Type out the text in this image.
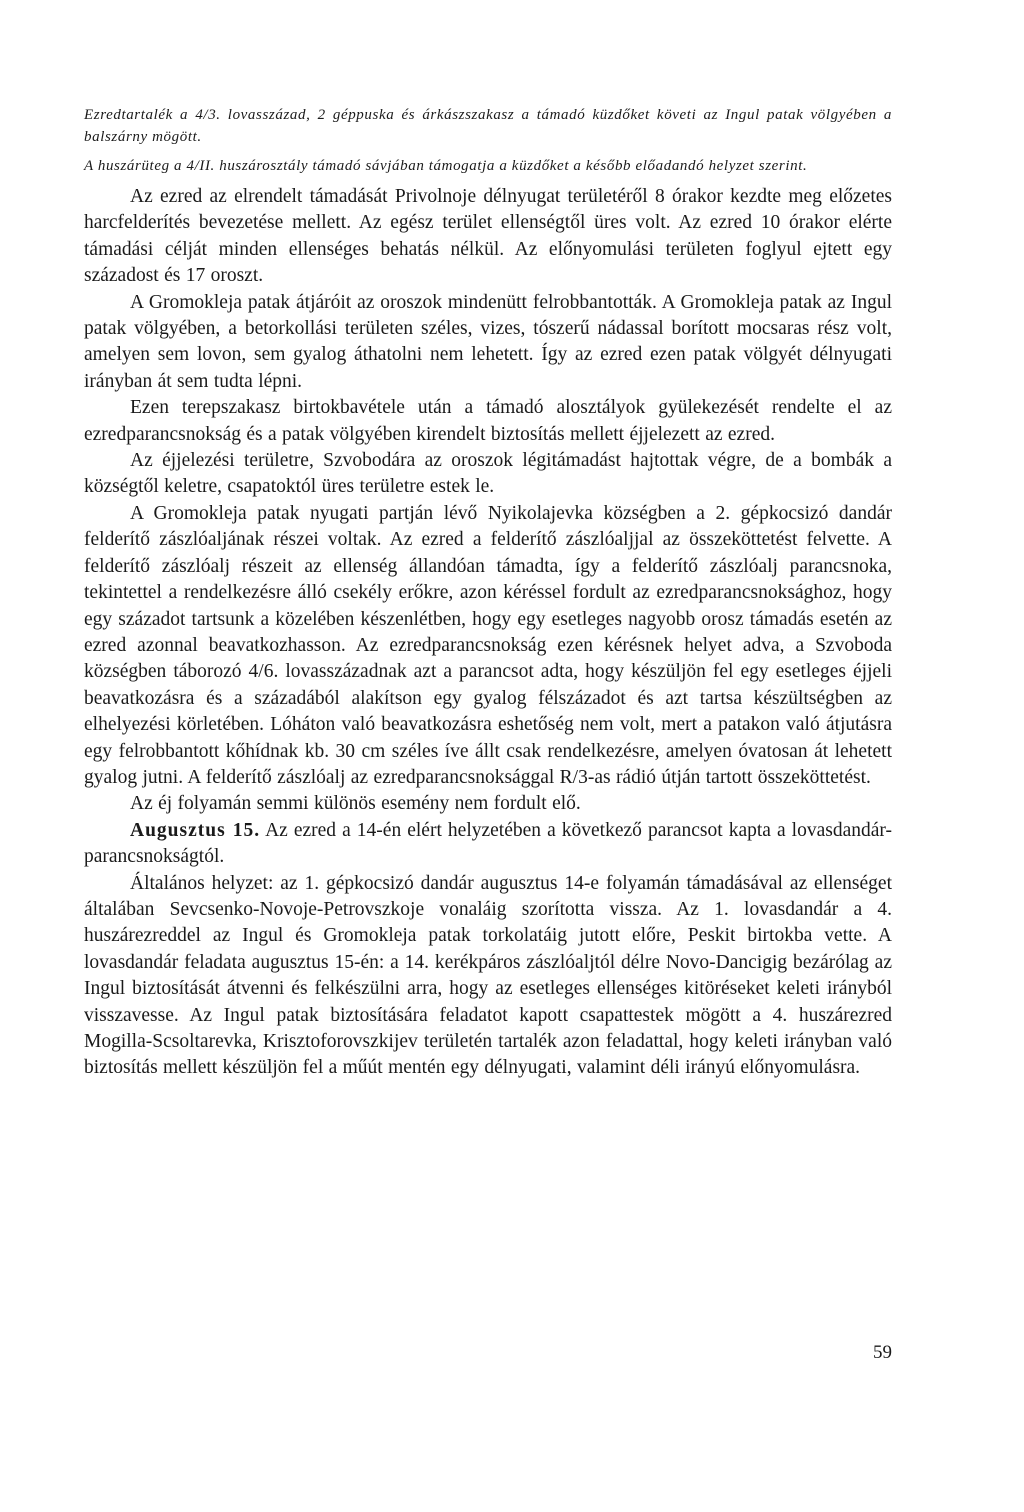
Ezredtartalék a 4/3. lovasszázad, 2 géppuska és árkászszakasz a támadó küzdőket követi az Ingul patak völgyében a balszárny mögött.

A huszárüteg a 4/II. huszárosztály támadó sávjában támogatja a küzdőket a később előadandó helyzet szerint.

Az ezred az elrendelt támadását Privolnoje délnyugat területéről 8 órakor kezdte meg előzetes harcfelderítés bevezetése mellett. Az egész terület ellenségtől üres volt. Az ezred 10 órakor elérte támadási célját minden ellenséges behatás nélkül. Az előnyomulási területen foglyul ejtett egy századost és 17 oroszt.

A Gromokleja patak átjáróit az oroszok mindenütt felrobbantották. A Gromokleja patak az Ingul patak völgyében, a betorkollási területen széles, vizes, tószerű nádassal borított mocsaras rész volt, amelyen sem lovon, sem gyalog áthatolni nem lehetett. Így az ezred ezen patak völgyét délnyugati irányban át sem tudta lépni.

Ezen terepszakasz birtokbavétele után a támadó alosztályok gyülekezését rendelte el az ezredparancsnokság és a patak völgyében kirendelt biztosítás mellett éjjelezett az ezred.

Az éjjelezési területre, Szvobodára az oroszok légitámadást hajtottak végre, de a bombák a községtől keletre, csapatoktól üres területre estek le.

A Gromokleja patak nyugati partján lévő Nyikolajevka községben a 2. gépkocsizó dandár felderítő zászlóaljának részei voltak. Az ezred a felderítő zászlóaljjal az összeköttetést felvette. A felderítő zászlóalj részeit az ellenség állandóan támadta, így a felderítő zászlóalj parancsnoka, tekintettel a rendelkezésre álló csekély erőkre, azon kéréssel fordult az ezredparancsnoksághoz, hogy egy századot tartsunk a közelében készenlétben, hogy egy esetleges nagyobb orosz támadás esetén az ezred azonnal beavatkozhasson. Az ezredparancsnokság ezen kérésnek helyet adva, a Szvoboda községben táborozó 4/6. lovasszázadnak azt a parancsot adta, hogy készüljön fel egy esetleges éjjeli beavatkozásra és a századából alakítson egy gyalog félszázadot és azt tartsa készültségben az elhelyezési körletében. Lóháton való beavatkozásra eshetőség nem volt, mert a patakon való átjutásra egy felrobbantott kőhídnak kb. 30 cm széles íve állt csak rendelkezésre, amelyen óvatosan át lehetett gyalog jutni. A felderítő zászlóalj az ezredparancsnoksággal R/3-as rádió útján tartott összeköttetést.

Az éj folyamán semmi különös esemény nem fordult elő.

Augusztus 15. Az ezred a 14-én elért helyzetében a következő parancsot kapta a lovasdandár-parancsnokságtól.

Általános helyzet: az 1. gépkocsizó dandár augusztus 14-e folyamán támadásával az ellenséget általában Sevcsenko-Novoje-Petrovszkoje vonaláig szorította vissza. Az 1. lovasdandár a 4. huszárezreddel az Ingul és Gromokleja patak torkolatáig jutott előre, Peskit birtokba vette. A lovasdandár feladata augusztus 15-én: a 14. kerékpáros zászlóaljtól délre Novo-Dancigig bezárólag az Ingul biztosítását átvenni és felkészülni arra, hogy az esetleges ellenséges kitöréseket keleti irányból visszavesse. Az Ingul patak biztosítására feladatot kapott csapattestek mögött a 4. huszárezred Mogilla-Scsoltarevka, Krisztoforovszkijev területén tartalék azon feladattal, hogy keleti irányban való biztosítás mellett készüljön fel a műút mentén egy délnyugati, valamint déli irányú előnyomulásra.

59
